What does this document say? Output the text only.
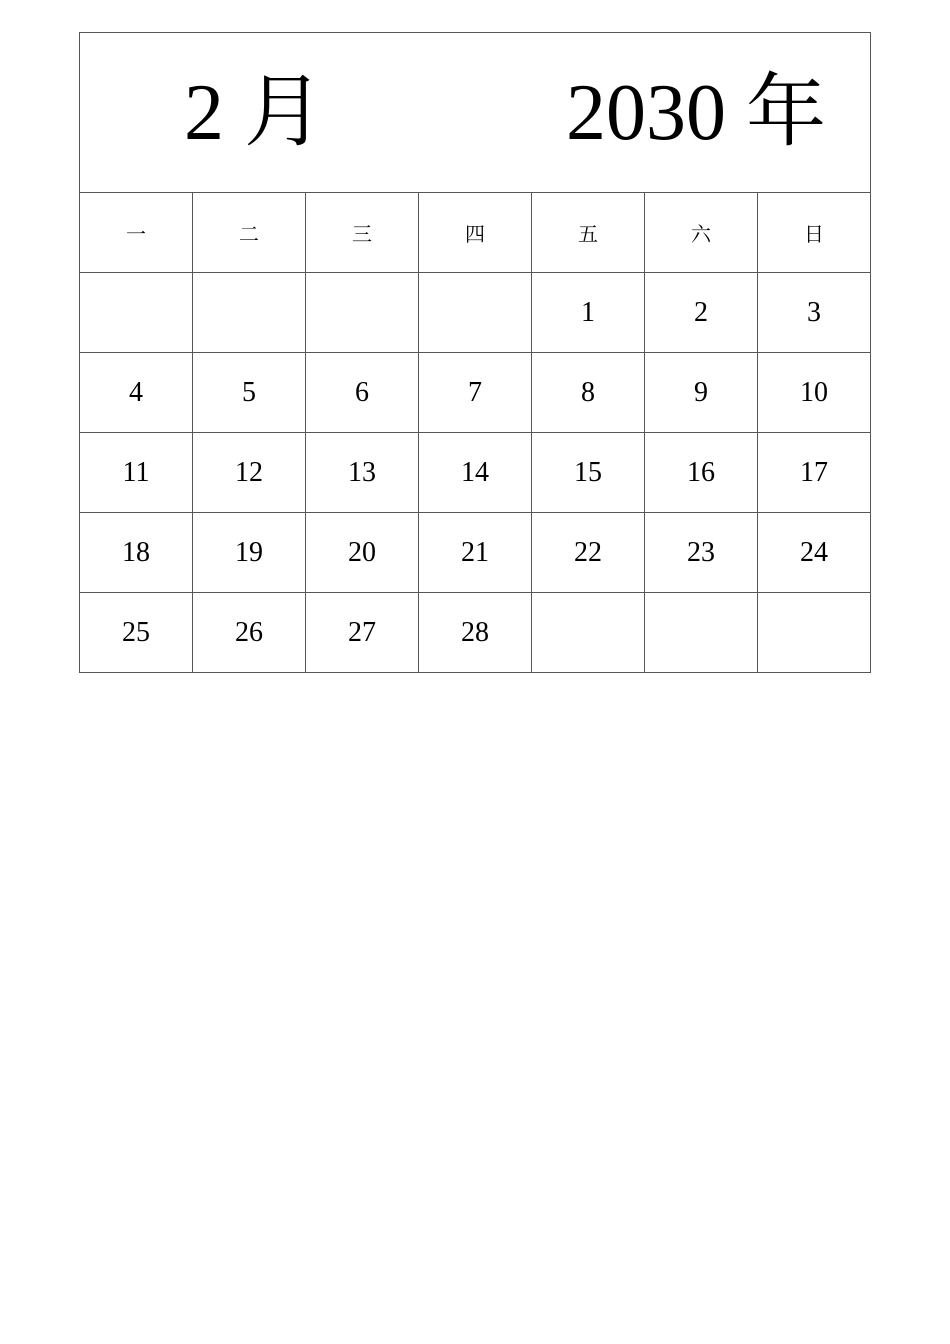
2 月 2030 年						

一	二	三	四	五	六	日
				1	2	3
4	5	6	7	8	9	10
11	12	13	14	15	16	17
18	19	20	21	22	23	24
25	26	27	28			
